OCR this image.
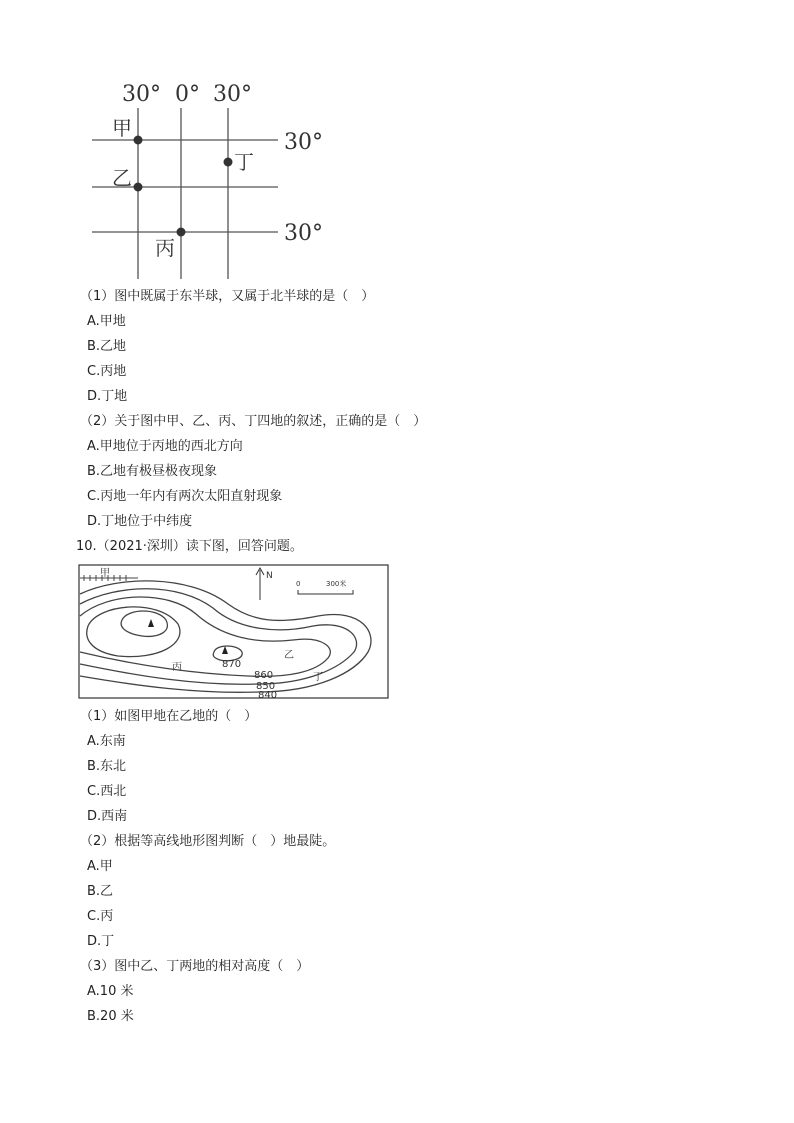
30° 0° 30°
30°
30°
甲
乙
丙
丁
（1）图中既属于东半球，又属于北半球的是（　）
A.甲地
B.乙地
C.丙地
D.丁地
（2）关于图中甲、乙、丙、丁四地的叙述，正确的是（　）
A.甲地位于丙地的西北方向
B.乙地有极昼极夜现象
C.丙地一年内有两次太阳直射现象
D.丁地位于中纬度
10.（2021·深圳）读下图，回答问题。
甲
870
860
850
840
乙
丙
丁
N
0	300米
（1）如图甲地在乙地的（　）
A.东南
B.东北
C.西北
D.西南
（2）根据等高线地形图判断（　）地最陡。
A.甲
B.乙
C.丙
D.丁
（3）图中乙、丁两地的相对高度（　）
A.10 米
B.20 米
